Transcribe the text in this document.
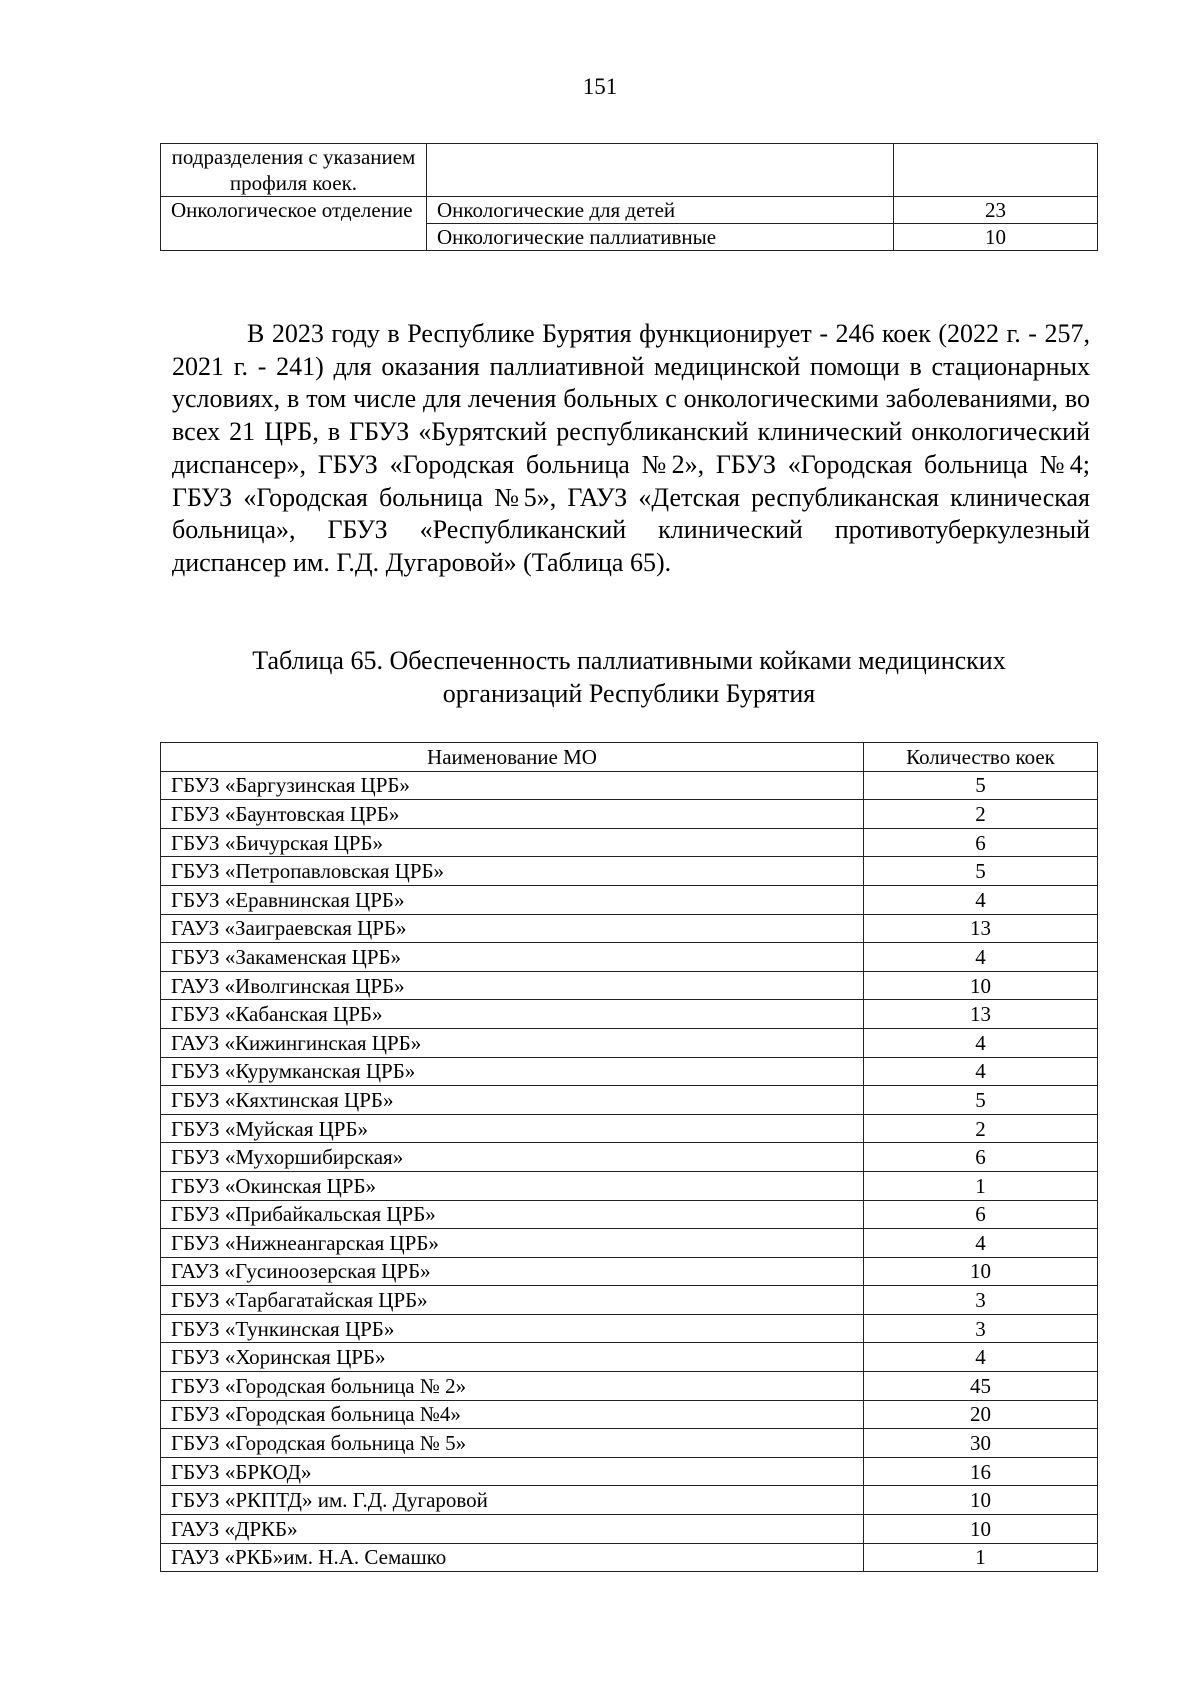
151
подразделения с указанием профиля коек.		
Онкологическое отделение	Онкологические для детей	23
	Онкологические паллиативные	10

В 2023 году в Республике Бурятия функционирует - 246 коек (2022 г. - 257, 2021 г. - 241) для оказания паллиативной медицинской помощи в стационарных условиях, в том числе для лечения больных с онкологическими заболеваниями, во всех 21 ЦРБ, в ГБУЗ «Бурятский республиканский клинический онкологический диспансер», ГБУЗ «Городская больница №2», ГБУЗ «Городская больница №4; ГБУЗ «Городская больница №5», ГАУЗ «Детская республиканская клиническая больница», ГБУЗ «Республиканский клинический противотуберкулезный диспансер им. Г.Д. Дугаровой» (Таблица 65).

Таблица 65. Обеспеченность паллиативными койками медицинских
организаций Республики Бурятия

Наименование МО	Количество коек
ГБУЗ «Баргузинская ЦРБ»	5
ГБУЗ «Баунтовская ЦРБ»	2
ГБУЗ «Бичурская ЦРБ»	6
ГБУЗ «Петропавловская ЦРБ»	5
ГБУЗ «Еравнинская ЦРБ»	4
ГАУЗ «Заиграевская ЦРБ»	13
ГБУЗ «Закаменская ЦРБ»	4
ГАУЗ «Иволгинская ЦРБ»	10
ГБУЗ «Кабанская ЦРБ»	13
ГАУЗ «Кижингинская ЦРБ»	4
ГБУЗ «Курумканская ЦРБ»	4
ГБУЗ «Кяхтинская ЦРБ»	5
ГБУЗ «Муйская ЦРБ»	2
ГБУЗ «Мухоршибирская»	6
ГБУЗ «Окинская ЦРБ»	1
ГБУЗ «Прибайкальская ЦРБ»	6
ГБУЗ «Нижнеангарская ЦРБ»	4
ГАУЗ «Гусиноозерская ЦРБ»	10
ГБУЗ «Тарбагатайская ЦРБ»	3
ГБУЗ «Тункинская ЦРБ»	3
ГБУЗ «Хоринская ЦРБ»	4
ГБУЗ «Городская больница № 2»	45
ГБУЗ «Городская больница №4»	20
ГБУЗ «Городская больница № 5»	30
ГБУЗ «БРКОД»	16
ГБУЗ «РКПТД» им. Г.Д. Дугаровой	10
ГАУЗ «ДРКБ»	10
ГАУЗ «РКБ»им. Н.А. Семашко	1
